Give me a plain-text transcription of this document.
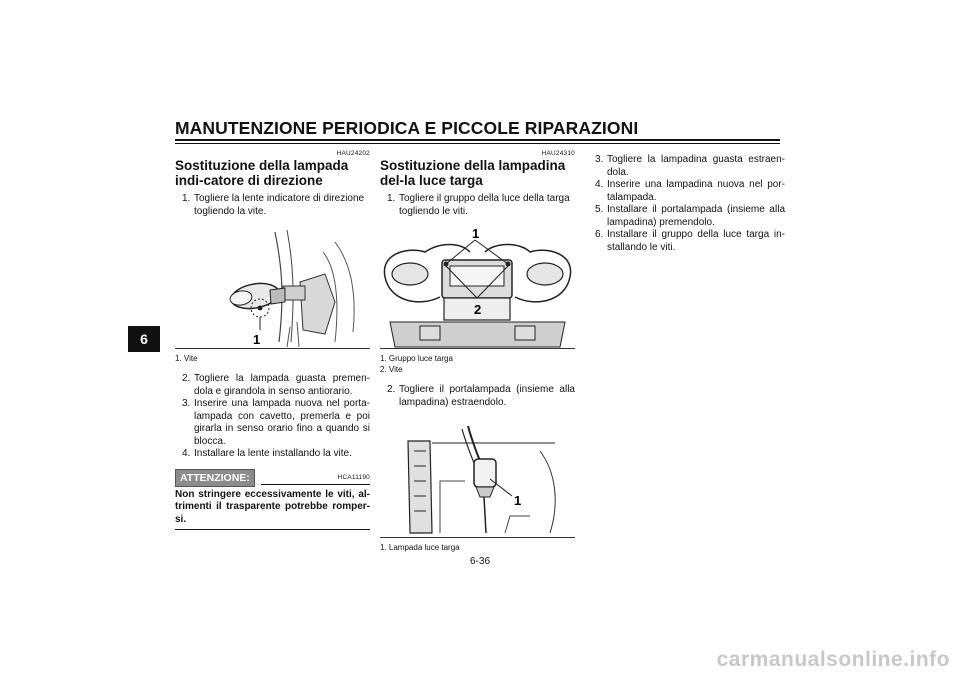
MANUTENZIONE PERIODICA E PICCOLE RIPARAZIONI
6
HAU24202
Sostituzione della lampada indi-catore di direzione
1. Togliere la lente indicatore di direzione togliendo la vite.
1
1. Vite
2. Togliere la lampada guasta premen-dola e girandola in senso antiorario.
3. Inserire una lampada nuova nel porta-lampada con cavetto, premerla e poi girarla in senso orario fino a quando si blocca.
4. Installare la lente installando la vite.
ATTENZIONE:	HCA11190
Non stringere eccessivamente le viti, al-trimenti il trasparente potrebbe romper-si.
HAU24310
Sostituzione della lampadina del-la luce targa
1. Togliere il gruppo della luce della targa togliendo le viti.
1
2
1. Gruppo luce targa
2. Vite
2. Togliere il portalampada (insieme alla lampadina) estraendolo.
1
1. Lampada luce targa
3. Togliere la lampadina guasta estraen-dola.
4. Inserire una lampadina nuova nel por-talampada.
5. Installare il portalampada (insieme alla lampadina) premendolo.
6. Installare il gruppo della luce targa in-stallando le viti.
6-36
carmanualsonline.info
